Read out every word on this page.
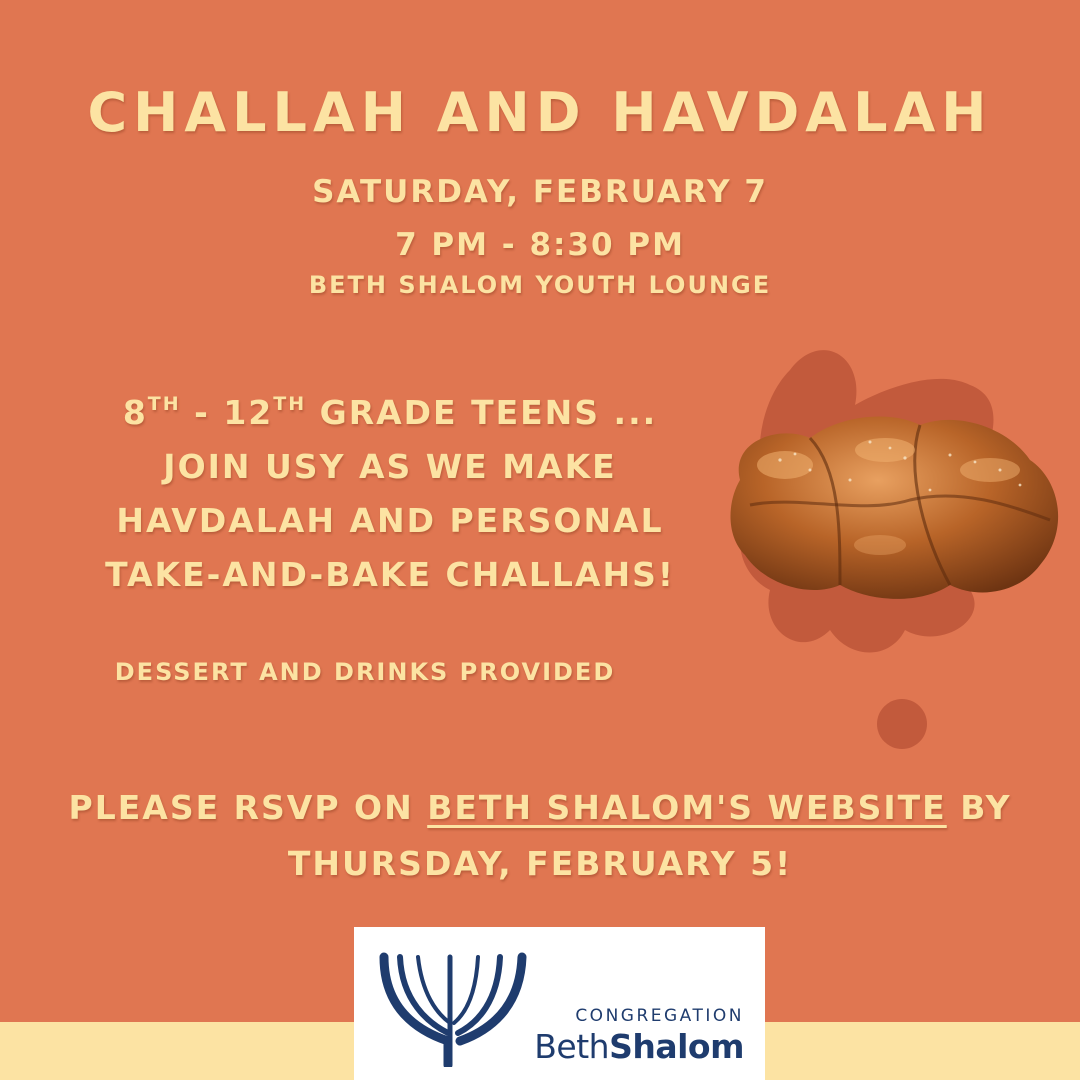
CHALLAH AND HAVDALAH
SATURDAY, FEBRUARY 7
7 PM - 8:30 PM
BETH SHALOM YOUTH LOUNGE
8TH - 12TH GRADE TEENS ...
JOIN USY AS WE MAKE
HAVDALAH AND PERSONAL
TAKE-AND-BAKE CHALLAHS!
DESSERT AND DRINKS PROVIDED
PLEASE RSVP ON BETH SHALOM'S WEBSITE BY
THURSDAY, FEBRUARY 5!
CONGREGATION
BethShalom
